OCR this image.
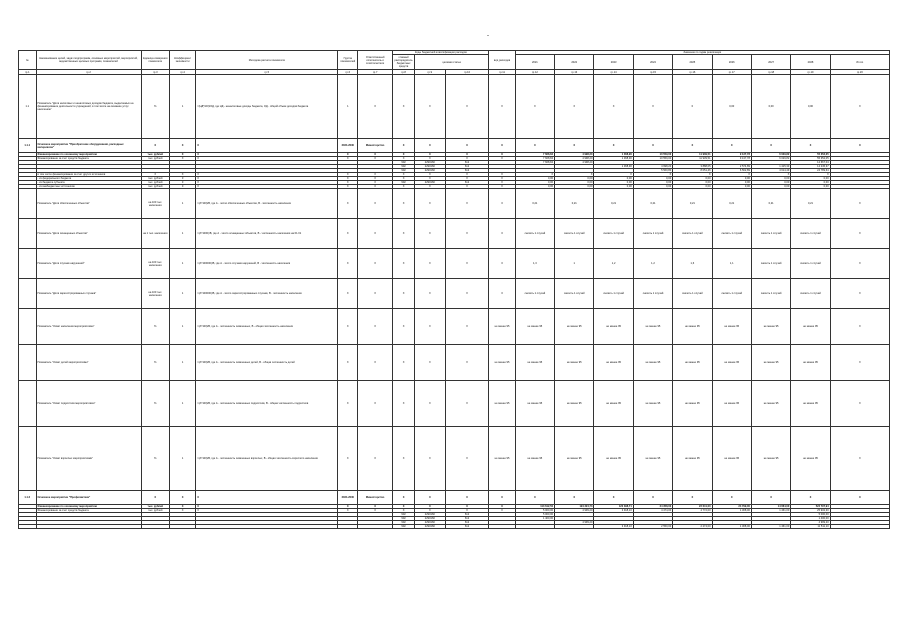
-
№	Наименование целей, задач подпрограмм, основных мероприятий, мероприятий, ведомственных целевых программ, показателей	Единица измерения показателя	Коэффициент значимости	Методика расчета показателя	Группа показателей	Ответственный исполнитель и соисполнители	Коды бюджетной классификации расходов			вид расходов	Значение по годам реализации								
							главный распорядитель бюджетных средств	целевая статья			2021	2022	2023	2024	2025	2026	2027	2028	Итого

гр.1	гр.2	гр.3	гр.4	гр.5	гр.6	гр.7	гр.8	гр.9	гр.10	гр.11	гр.12	гр.13	гр.14	гр.15	гр.16	гр.17	гр.18	гр.19	гр.20
1.1	Показатель "Доля налоговых и неналоговых доходов бюджета, выделяемых на финансирование деятельности учреждений, в том числе на оказание услуг населению"	%	1	=(НД*100)/ОД, где НД - неналоговые доходы бюджета, ОД - общий объем доходов бюджета	1	Х	Х	Х	Х	Х	Х	Х	Х	Х	0	0,00	0,00	0,00	Х
1.1.1	Основное мероприятие "Приобретение оборудования, расходных материалов"	Х	Х	Х	2024-2030	Министерство	Х	Х	Х	Х	Х	Х	Х	Х	Х	Х	Х	Х	Х
	Финансирование по основному мероприятию	тыс. рублей	Х	Х	Х	Х	Х	Х	Х	Х	7 668,84	4 998,20	1 368,90	10 559,00	11 939,51	9 137,78	6 029,82	55 352,05	
	Финансирование за счет средств бюджета	тыс. рублей	Х	Х	Х	Х	Х	Х	Х	Х	7 668,84	4 998,20	1 368,90	10 559,00	11 939,51	9 137,78	6 029,82	55 352,05	
							902	2290160	612		7 668,84	4 998,20						12 667,04	
							902	2290160	612				1 368,90	4 998,20	3 888,05	2 574,89	1 415,33	14 245,37	
							902	2290160	612					5 560,80	8 051,46	6 562,89	4 614,49	24 789,64	
	в том числе финансирование за счет других источников	Х	Х	Х	Х	Х	Х	Х	Х	Х	Х	Х	Х	Х	Х	Х	Х	Х	
	- из федерального бюджета	тыс. рублей	0	Х	Х	Х	Х	Х	Х	Х	0,00	0,00	0,00	0,00	0,00	0,00	0,00	0,00	
	- из бюджета субъекта	тыс. рублей	0	Х	Х	Х	902	2290160	612	Х	0,00	0,00	0,00	0,00	0,00	0,00	0,00	0,00	
	- из внебюджетных источников	тыс. рублей	0	Х	Х	Х	Х	Х	Х	Х	0,00	0,00	0,00	0,00	0,00	0,00	0,00	0,00	
	Показатель "Доля обеспеченных объектов"	на 100 тыс. населения	1	=(А*100)/В, где А - число обеспеченных объектов, В - численность населения	Х	Х	Х	Х	Х	0	0,21	0,21	0,21	0,21	0,21	0,21	0,21	0,21	Х
	Показатель "Доля оснащенных объектов"	на 1 тыс. населения	1	=(А*1000)/В, где А - число оснащенных объектов, В - численность населения на 01.01	Х	Х	Х	Х	Х	0	снизить 1 случай	снизить 1 случай	снизить 1 случай	снизить 1 случай	снизить 1 случай	снизить 1 случай	снизить 1 случай	снизить 1 случай	Х
	Показатель "Доля случаев нарушений"	на 100 тыс. населения	1	=(А*100000)/В, где А - число случаев нарушений, В - численность населения	Х	Х	Х	Х	Х	0	1,3	1	1,2	1,2	1,6	1,1	снизить 1 случай	снизить 1 случай	Х
	Показатель "Доля зарегистрированных случаев"	на 100 тыс. населения	1	=(А*100000)/В, где А - число зарегистрированных случаев, В - численность населения	Х	Х	Х	Х	Х	0	снизить 1 случай	снизить 1 случай	снизить 1 случай	снизить 1 случай	снизить 1 случай	снизить 1 случай	снизить 1 случай	снизить 1 случай	Х
	Показатель "Охват населения мероприятиями"	%	1	=(А*100)/В, где А - численность охваченных, В - общая численность населения	Х	Х	Х	Х	Х	не менее 95	не менее 95	не менее 95	не менее 95	не менее 95	не менее 95	не менее 95	не менее 95	не менее 95	Х
	Показатель "Охват детей мероприятиями"	%	1	=(А*100)/В, где А - численность охваченных детей, В - общая численность детей	Х	Х	Х	Х	Х	не менее 95	не менее 95	не менее 95	не менее 95	не менее 95	не менее 95	не менее 95	не менее 95	не менее 95	Х
	Показатель "Охват подростков мероприятиями"	%	1	=(А*100)/В, где А - численность охваченных подростков, В - общая численность подростков	Х	Х	Х	Х	Х	не менее 95	не менее 95	не менее 95	не менее 95	не менее 95	не менее 95	не менее 95	не менее 95	не менее 95	Х
	Показатель "Охват взрослых мероприятиями"	%	1	=(А*100)/В, где А - численность охваченных взрослых, В - общая численность взрослого населения	Х	Х	Х	Х	Х	не менее 95	не менее 95	не менее 95	не менее 95	не менее 95	не менее 95	не менее 95	не менее 95	не менее 95	Х
1.1.2	Основное мероприятие "Профилактика"	Х	Х	Х	2024-2030	Министерство	Х	Х	Х	Х	Х	Х	Х	Х	Х	Х	Х	Х	Х
	Финансирование по основному мероприятию	тыс. рублей	Х	Х	Х	Х	Х	Х	Х	Х	113 612,50	194 324,73	122 398,71	24 358,00	22 641,00	24 799,00	14 664,00	522 797,94	
	Финансирование за счет средств бюджета	тыс. рублей	Х	Х	Х	Х	Х	Х	Х	Х	5 000,00	4 999,20	3 918,10	4 474,00	4 772,00	1 308,00	1 461,00	25 932,30	
							902	2290160	612		5 000,00							5 000,00	
							902	2290160	612		1 400,00							1 400,00	
							902	2290160	612			4 999,20						4 999,20	
							902	2290160	612				3 918,10	2 550,00	2 274,00	1 308,00	1 461,00	11 511,10	
